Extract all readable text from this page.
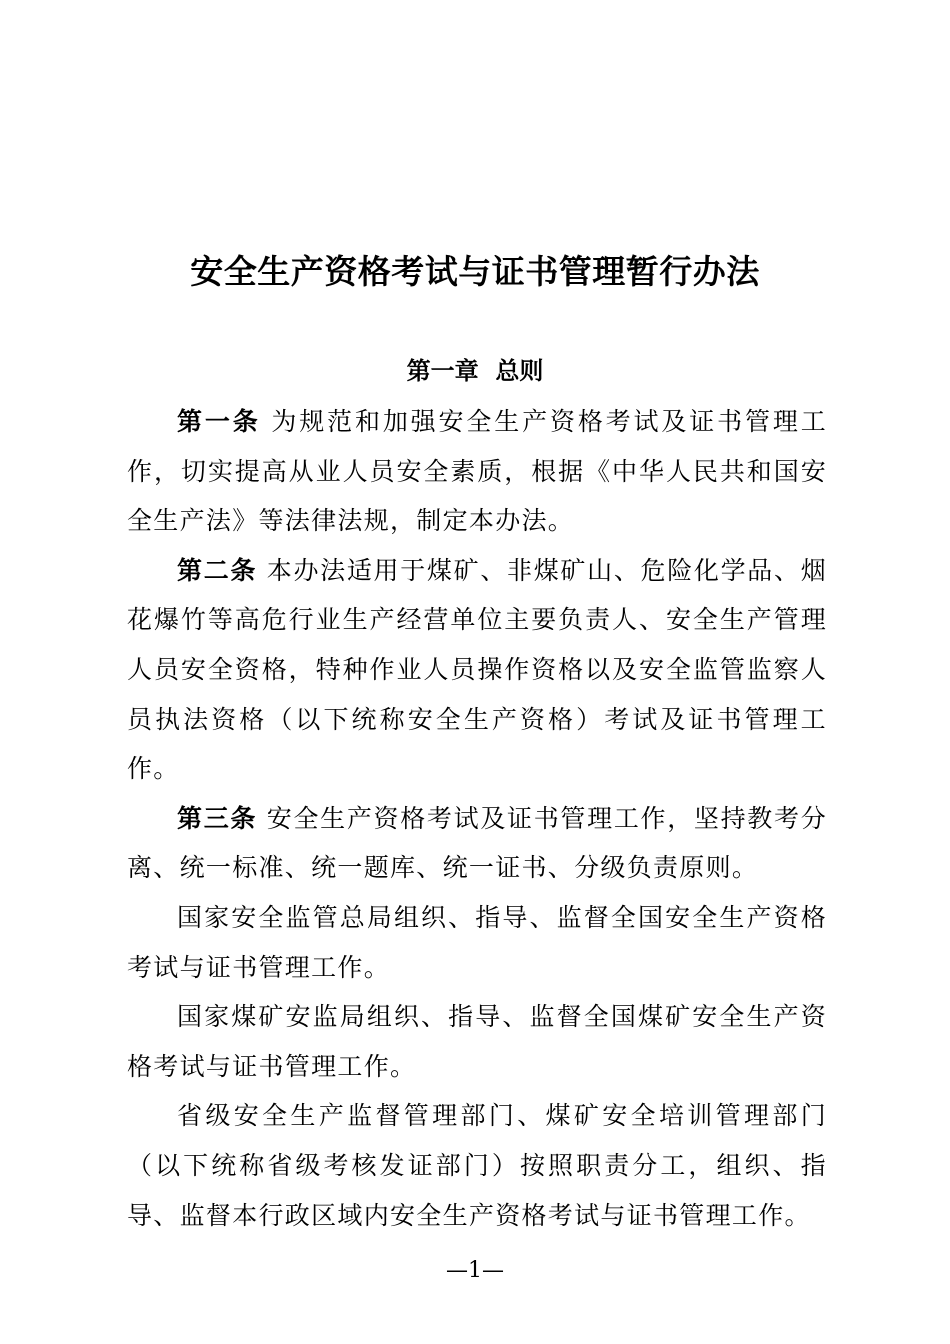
安全生产资格考试与证书管理暂行办法
第一章  总则

第一条 为规范和加强安全生产资格考试及证书管理工作，切实提高从业人员安全素质，根据《中华人民共和国安全生产法》等法律法规，制定本办法。

第二条 本办法适用于煤矿、非煤矿山、危险化学品、烟花爆竹等高危行业生产经营单位主要负责人、安全生产管理人员安全资格，特种作业人员操作资格以及安全监管监察人员执法资格（以下统称安全生产资格）考试及证书管理工作。

第三条 安全生产资格考试及证书管理工作，坚持教考分离、统一标准、统一题库、统一证书、分级负责原则。

国家安全监管总局组织、指导、监督全国安全生产资格考试与证书管理工作。

国家煤矿安监局组织、指导、监督全国煤矿安全生产资格考试与证书管理工作。

省级安全生产监督管理部门、煤矿安全培训管理部门（以下统称省级考核发证部门）按照职责分工，组织、指导、监督本行政区域内安全生产资格考试与证书管理工作。

—1—
